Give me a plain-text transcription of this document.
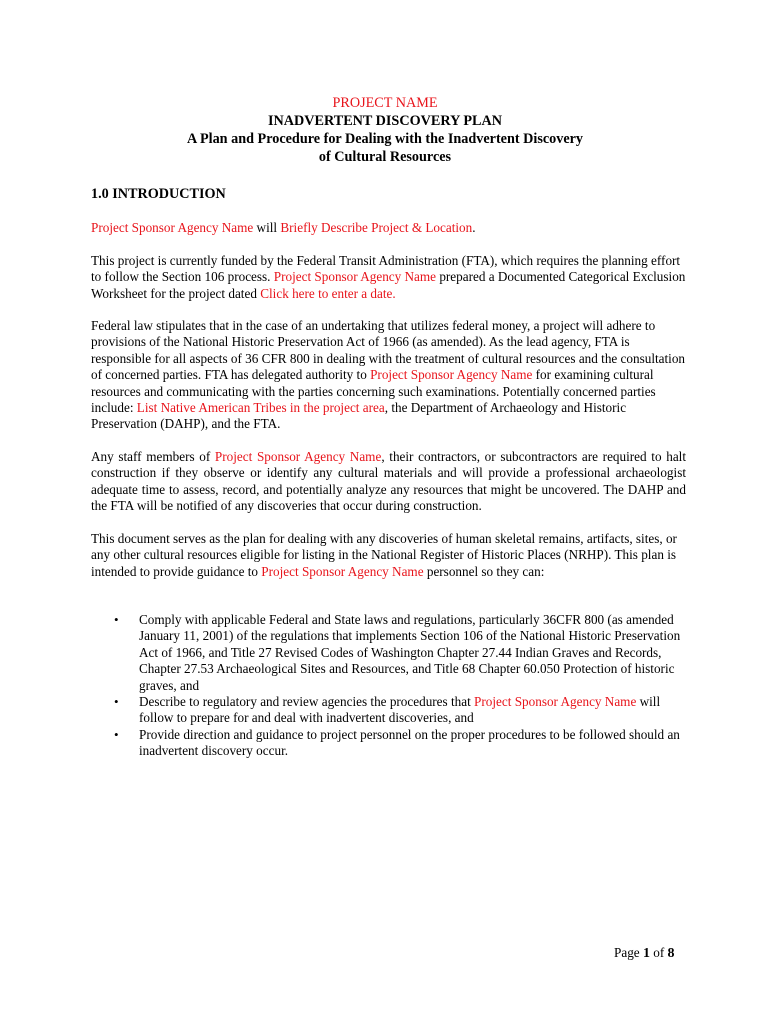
PROJECT NAME
INADVERTENT DISCOVERY PLAN
A Plan and Procedure for Dealing with the Inadvertent Discovery
of Cultural Resources
1.0 INTRODUCTION

Project Sponsor Agency Name will Briefly Describe Project & Location.

This project is currently funded by the Federal Transit Administration (FTA), which requires the planning effort to follow the Section 106 process. Project Sponsor Agency Name prepared a Documented Categorical Exclusion Worksheet for the project dated Click here to enter a date.

Federal law stipulates that in the case of an undertaking that utilizes federal money, a project will adhere to provisions of the National Historic Preservation Act of 1966 (as amended). As the lead agency, FTA is responsible for all aspects of 36 CFR 800 in dealing with the treatment of cultural resources and the consultation of concerned parties. FTA has delegated authority to Project Sponsor Agency Name for examining cultural resources and communicating with the parties concerning such examinations. Potentially concerned parties include: List Native American Tribes in the project area, the Department of Archaeology and Historic Preservation (DAHP), and the FTA.

Any staff members of Project Sponsor Agency Name, their contractors, or subcontractors are required to halt construction if they observe or identify any cultural materials and will provide a professional archaeologist adequate time to assess, record, and potentially analyze any resources that might be uncovered. The DAHP and the FTA will be notified of any discoveries that occur during construction.

This document serves as the plan for dealing with any discoveries of human skeletal remains, artifacts, sites, or any other cultural resources eligible for listing in the National Register of Historic Places (NRHP). This plan is intended to provide guidance to Project Sponsor Agency Name personnel so they can:

• Comply with applicable Federal and State laws and regulations, particularly 36CFR 800 (as amended January 11, 2001) of the regulations that implements Section 106 of the National Historic Preservation Act of 1966, and Title 27 Revised Codes of Washington Chapter 27.44 Indian Graves and Records, Chapter 27.53 Archaeological Sites and Resources, and Title 68 Chapter 60.050 Protection of historic graves, and
• Describe to regulatory and review agencies the procedures that Project Sponsor Agency Name will follow to prepare for and deal with inadvertent discoveries, and
• Provide direction and guidance to project personnel on the proper procedures to be followed should an inadvertent discovery occur.
Page 1 of 8
